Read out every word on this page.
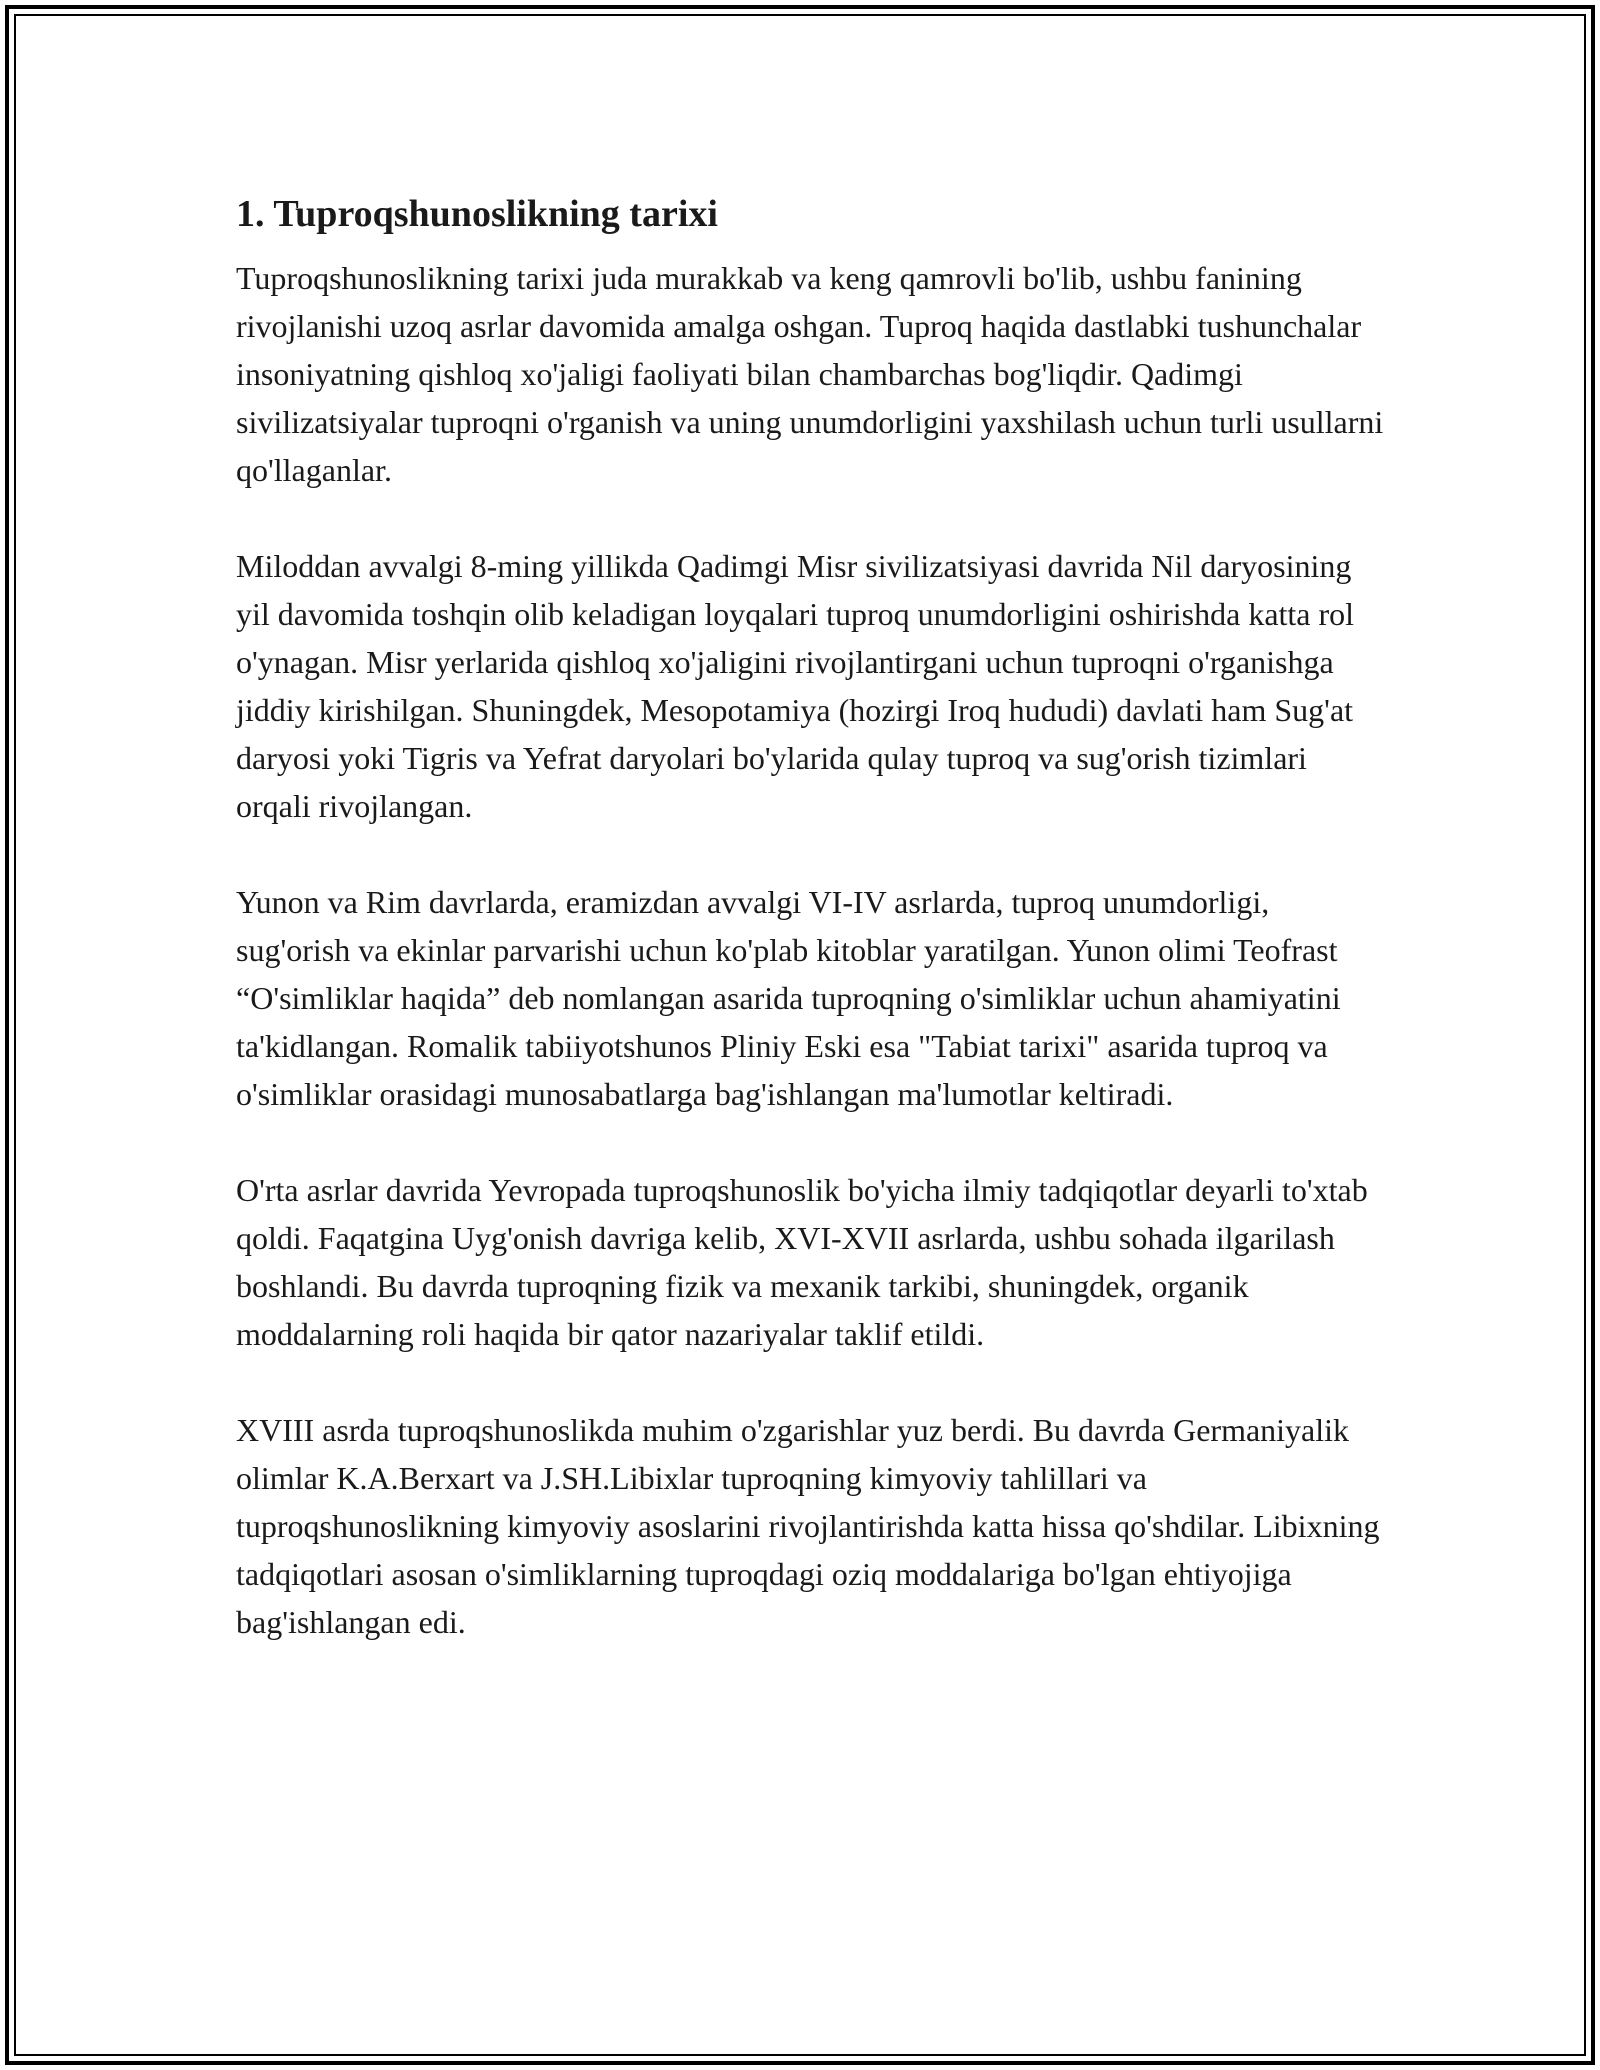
1. Tuproqshunoslikning tarixi

Tuproqshunoslikning tarixi juda murakkab va keng qamrovli bo'lib, ushbu fanining rivojlanishi uzoq asrlar davomida amalga oshgan. Tuproq haqida dastlabki tushunchalar insoniyatning qishloq xo'jaligi faoliyati bilan chambarchas bog'liqdir. Qadimgi sivilizatsiyalar tuproqni o'rganish va uning unumdorligini yaxshilash uchun turli usullarni qo'llaganlar.

Miloddan avvalgi 8-ming yillikda Qadimgi Misr sivilizatsiyasi davrida Nil daryosining yil davomida toshqin olib keladigan loyqalari tuproq unumdorligini oshirishda katta rol o'ynagan. Misr yerlarida qishloq xo'jaligini rivojlantirgani uchun tuproqni o'rganishga jiddiy kirishilgan. Shuningdek, Mesopotamiya (hozirgi Iroq hududi) davlati ham Sug'at daryosi yoki Tigris va Yefrat daryolari bo'ylarida qulay tuproq va sug'orish tizimlari orqali rivojlangan.

Yunon va Rim davrlarda, eramizdan avvalgi VI-IV asrlarda, tuproq unumdorligi, sug'orish va ekinlar parvarishi uchun ko'plab kitoblar yaratilgan. Yunon olimi Teofrast “O'simliklar haqida” deb nomlangan asarida tuproqning o'simliklar uchun ahamiyatini ta'kidlangan. Romalik tabiiyotshunos Pliniy Eski esa "Tabiat tarixi" asarida tuproq va o'simliklar orasidagi munosabatlarga bag'ishlangan ma'lumotlar keltiradi.

O'rta asrlar davrida Yevropada tuproqshunoslik bo'yicha ilmiy tadqiqotlar deyarli to'xtab qoldi. Faqatgina Uyg'onish davriga kelib, XVI-XVII asrlarda, ushbu sohada ilgarilash boshlandi. Bu davrda tuproqning fizik va mexanik tarkibi, shuningdek, organik moddalarning roli haqida bir qator nazariyalar taklif etildi.

XVIII asrda tuproqshunoslikda muhim o'zgarishlar yuz berdi. Bu davrda Germaniyalik olimlar K.A.Berxart va J.SH.Libixlar tuproqning kimyoviy tahlillari va tuproqshunoslikning kimyoviy asoslarini rivojlantirishda katta hissa qo'shdilar. Libixning tadqiqotlari asosan o'simliklarning tuproqdagi oziq moddalariga bo'lgan ehtiyojiga bag'ishlangan edi.
